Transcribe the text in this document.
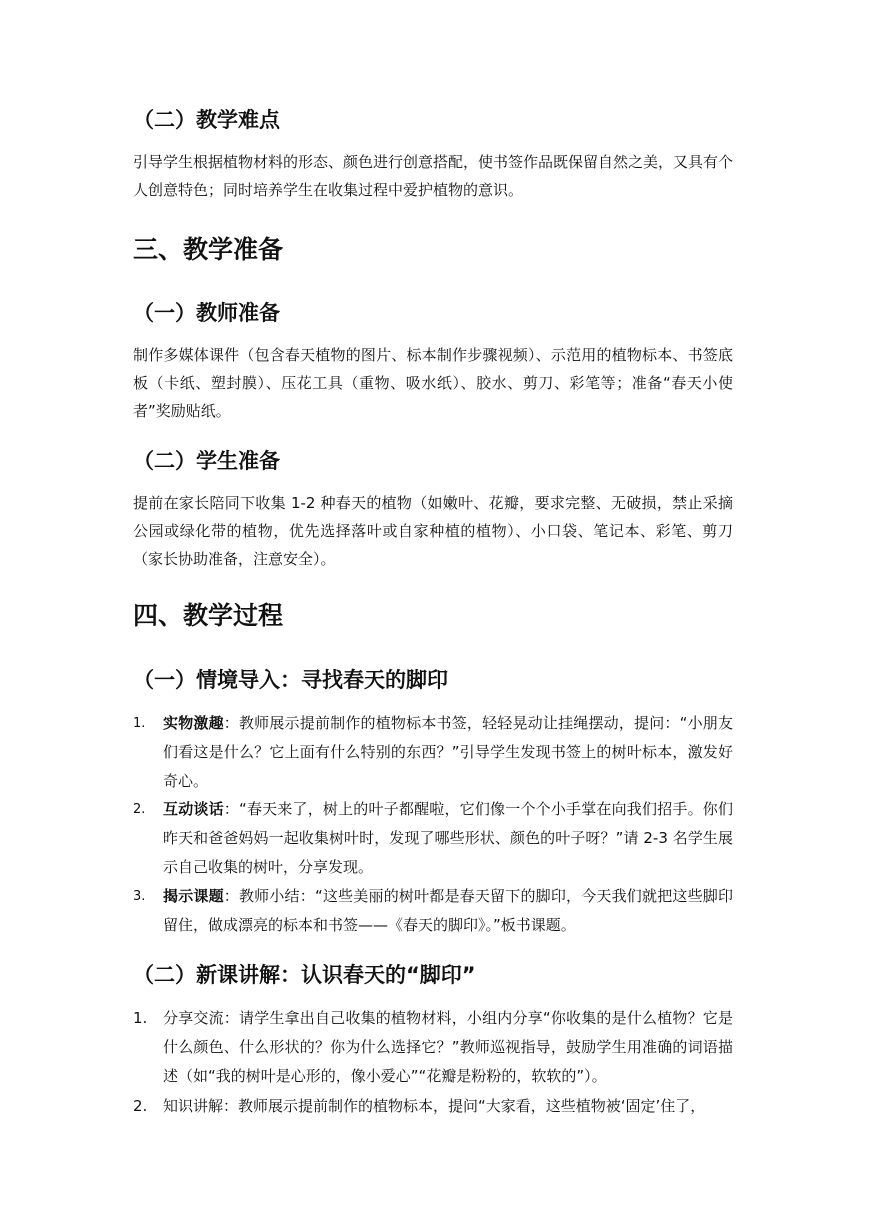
（二）教学难点

引导学生根据植物材料的形态、颜色进行创意搭配，使书签作品既保留自然之美，又具有个人创意特色；同时培养学生在收集过程中爱护植物的意识。

三、教学准备
（一）教师准备

制作多媒体课件（包含春天植物的图片、标本制作步骤视频）、示范用的植物标本、书签底板（卡纸、塑封膜）、压花工具（重物、吸水纸）、胶水、剪刀、彩笔等；准备“春天小使者”奖励贴纸。

（二）学生准备

提前在家长陪同下收集 1-2 种春天的植物（如嫩叶、花瓣，要求完整、无破损，禁止采摘公园或绿化带的植物，优先选择落叶或自家种植的植物）、小口袋、笔记本、彩笔、剪刀（家长协助准备，注意安全）。

四、教学过程
（一）情境导入：寻找春天的脚印
1. 实物激趣：教师展示提前制作的植物标本书签，轻轻晃动让挂绳摆动，提问：“小朋友们看这是什么？它上面有什么特别的东西？”引导学生发现书签上的树叶标本，激发好奇心。
2. 互动谈话：“春天来了，树上的叶子都醒啦，它们像一个个小手掌在向我们招手。你们昨天和爸爸妈妈一起收集树叶时，发现了哪些形状、颜色的叶子呀？”请 2-3 名学生展示自己收集的树叶，分享发现。
3. 揭示课题：教师小结：“这些美丽的树叶都是春天留下的脚印，今天我们就把这些脚印留住，做成漂亮的标本和书签——《春天的脚印》。”板书课题。
（二）新课讲解：认识春天的“脚印”
1. 分享交流：请学生拿出自己收集的植物材料，小组内分享“你收集的是什么植物？它是什么颜色、什么形状的？你为什么选择它？”教师巡视指导，鼓励学生用准确的词语描述（如“我的树叶是心形的，像小爱心”“花瓣是粉粉的，软软的”）。
2. 知识讲解：教师展示提前制作的植物标本，提问“大家看，这些植物被‘固定’住了，
